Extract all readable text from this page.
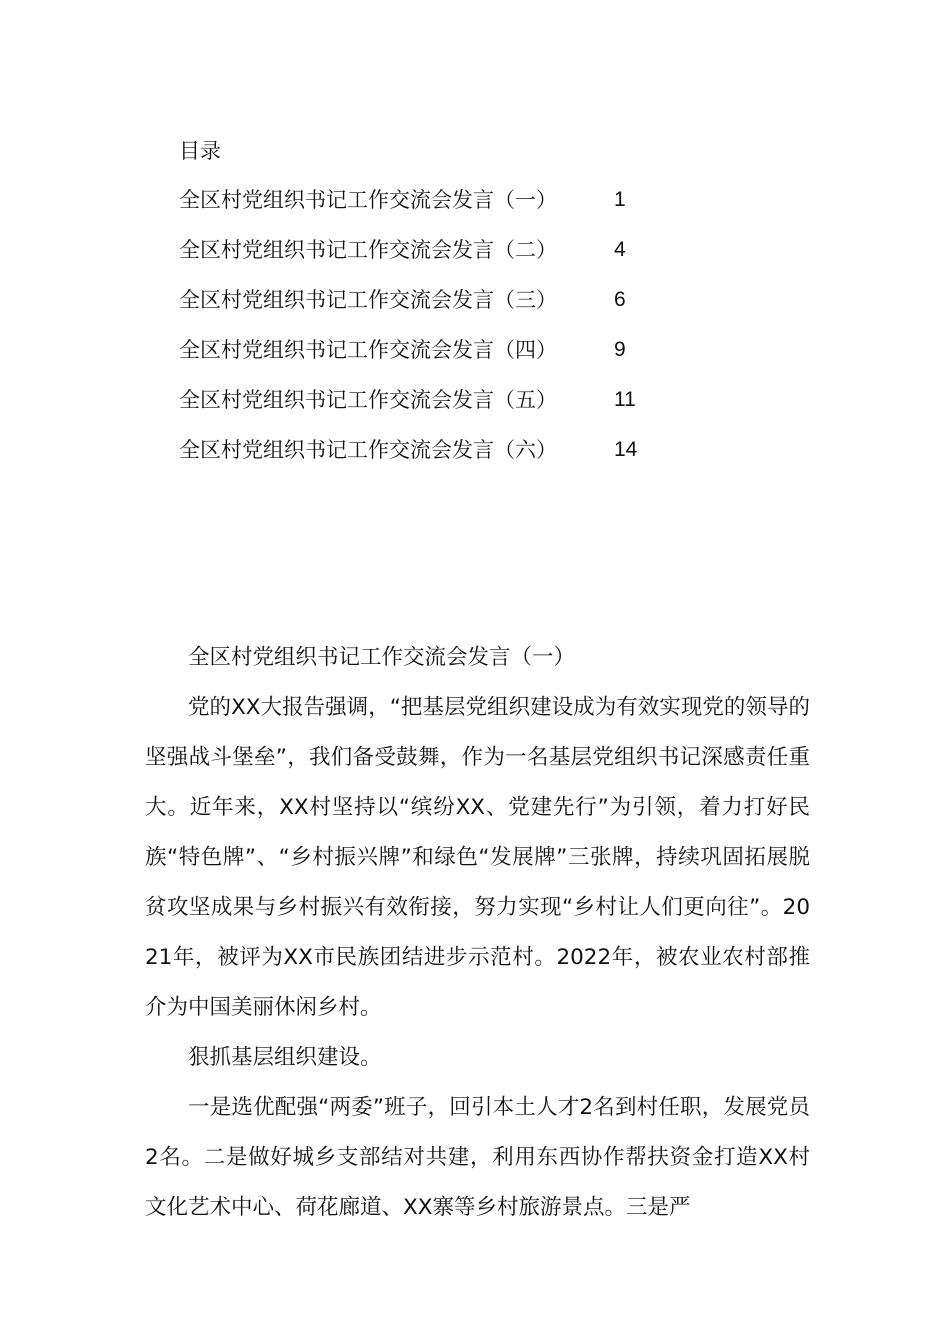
目录
全区村党组织书记工作交流会发言（一）	1
全区村党组织书记工作交流会发言（二）	4
全区村党组织书记工作交流会发言（三）	6
全区村党组织书记工作交流会发言（四）	9
全区村党组织书记工作交流会发言（五）	11
全区村党组织书记工作交流会发言（六）	14

全区村党组织书记工作交流会发言（一）

党的XX大报告强调，“把基层党组织建设成为有效实现党的领导的坚强战斗堡垒”，我们备受鼓舞，作为一名基层党组织书记深感责任重大。近年来，XX村坚持以“缤纷XX、党建先行”为引领，着力打好民族“特色牌”、“乡村振兴牌”和绿色“发展牌”三张牌，持续巩固拓展脱贫攻坚成果与乡村振兴有效衔接，努力实现“乡村让人们更向往”。2021年，被评为XX市民族团结进步示范村。2022年，被农业农村部推介为中国美丽休闲乡村。

狠抓基层组织建设。

一是选优配强“两委”班子，回引本土人才2名到村任职，发展党员2名。二是做好城乡支部结对共建，利用东西协作帮扶资金打造XX村文化艺术中心、荷花廊道、XX寨等乡村旅游景点。三是严
